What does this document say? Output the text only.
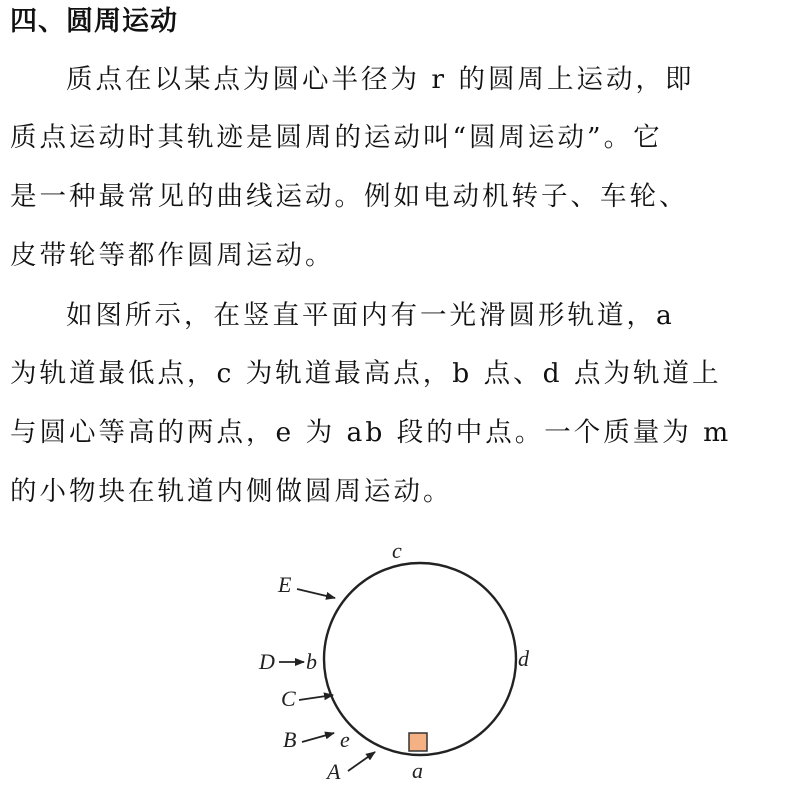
四、圆周运动
质点在以某点为圆心半径为 r 的圆周上运动，即
质点运动时其轨迹是圆周的运动叫“圆周运动”。它
是一种最常见的曲线运动。例如电动机转子、车轮、
皮带轮等都作圆周运动。
如图所示，在竖直平面内有一光滑圆形轨道，a
为轨道最低点，c 为轨道最高点，b 点、d 点为轨道上
与圆心等高的两点，e 为 ab 段的中点。一个质量为 m
的小物块在轨道内侧做圆周运动。
c
d
b
e
a
E
D
C
B
A
